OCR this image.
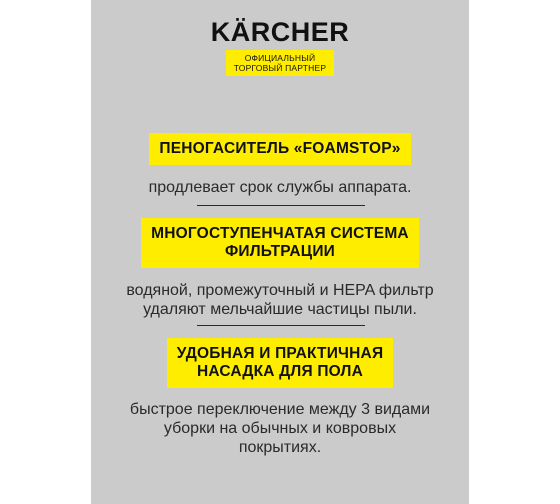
KÄRCHER
ОФИЦИАЛЬНЫЙ
ТОРГОВЫЙ ПАРТНЕР
ПЕНОГАСИТЕЛЬ «FOAMSTOP»
продлевает срок службы аппарата.
МНОГОСТУПЕНЧАТАЯ СИСТЕМА
ФИЛЬТРАЦИИ
водяной, промежуточный и HEPA фильтр
удаляют мельчайшие частицы пыли.
УДОБНАЯ И ПРАКТИЧНАЯ
НАСАДКА ДЛЯ ПОЛА
быстрое переключение между 3 видами
уборки на обычных и ковровых
покрытиях.
